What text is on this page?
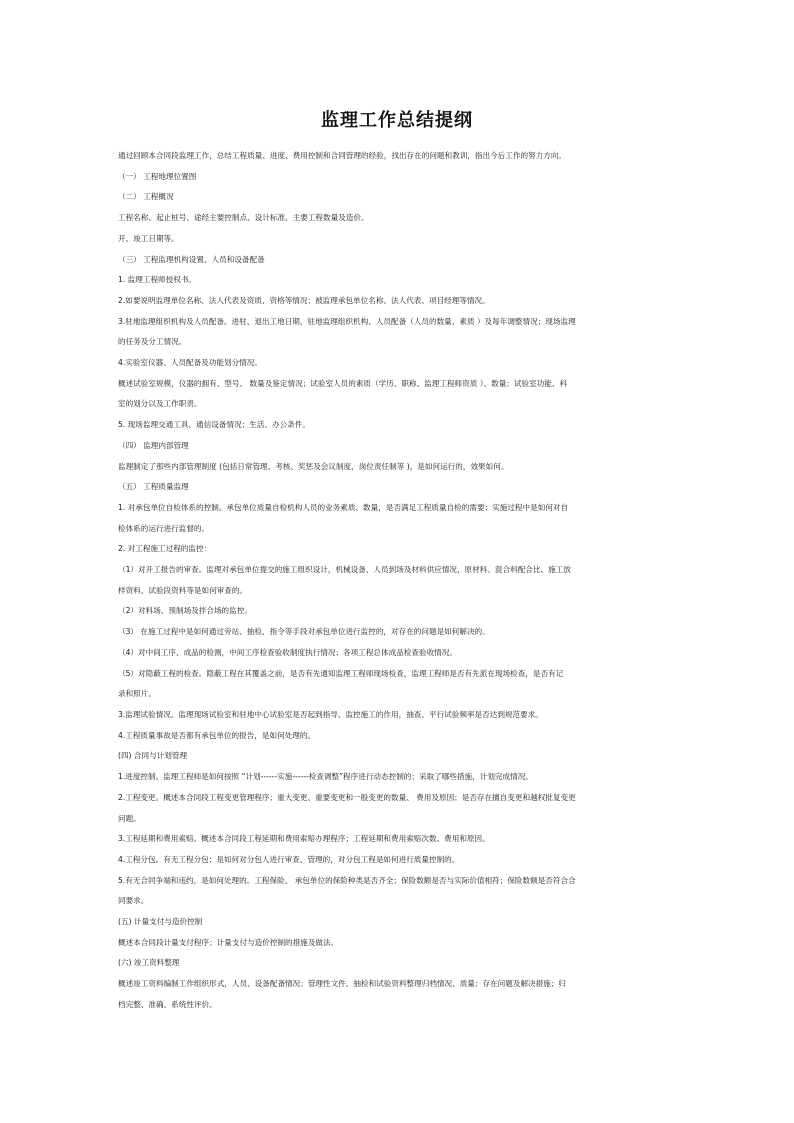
监理工作总结提纲

通过回顾本合同段监理工作，总结工程质量、进度、费用控制和合同管理的经验，找出存在的问题和教训，指出今后工作的努力方向。

（一） 工程地理位置图

（二） 工程概况

工程名称、起止桩号、途经主要控制点、设计标准、主要工程数量及造价。

开、竣工日期等。

（三） 工程监理机构设置、人员和设备配备

1. 监理工程师授权书。

2.如要说明监理单位名称、法人代表及资质、资格等情况；被监理承包单位名称、法人代表、项目经理等情况。

3.驻地监理组织机构及人员配备。进驻、退出工地日期，驻地监理组织机构、人员配备（人员的数量、素质 ）及每年调整情况；现场监理

的任务及分工情况。

4.实验室仪器、人员配备及功能划分情况。

概述试验室规模，仪器的拥有、型号、 数量及鉴定情况；试验室人员的素质（学历、职称、监理工程师资质 ）、数量；试验室功能、科

室的划分以及工作职责。

5. 现场监理交通工具、通信设备情况；生活、办公条件。

（四） 监理内部管理

监理制定了那些内部管理制度 (包括日常管理、考核、奖惩及会议制度，岗位责任制等 )，是如何运行的，效果如何。

（五） 工程质量监理

1. 对承包单位自检体系的控制。承包单位质量自检机构人员的业务素质、数量，是否满足工程质量自检的需要；实施过程中是如何对自

检体系的运行进行监督的。

2. 对工程施工过程的监控：

（1）对开工报告的审查。监理对承包单位提交的施工组织设计，机械设备、人员到场及材料供应情况，原材料、混合料配合比、施工放

样资料、试验段资料等是如何审查的。

（2）对料场、预制场及拌合场的监控。

（3） 在施工过程中是如何通过旁站、抽检、指令等手段对承包单位进行监控的，对存在的问题是如何解决的。

（4）对中间工序、成品的检测，中间工序检查验收制度执行情况；各项工程总体成品检查验收情况。

（5）对隐蔽工程的检查。隐蔽工程在其覆盖之前，是否有先通知监理工程师现场检查，监理工程师是否有先派在现场检查，是否有记

录和照片。

3.监理试验情况。监理现场试验室和驻地中心试验室是否起到指导、监控施工的作用，抽查、平行试验频率是否达到规范要求。

4.工程质量事故是否都有承包单位的报告，是如何处理的。

(四) 合同与计划管理

1.进度控制。监理工程师是如何按照 “计划------实施------检查调整”程序进行动态控制的；采取了哪些措施，计划完成情况。

2.工程变更。概述本合同段工程变更管理程序；重大变更、重要变更和一般变更的数量、 费用及原因；是否存在擅自变更和越权批复变更

问题。

3.工程延期和费用索赔。概述本合同段工程延期和费用索赔办理程序；工程延期和费用索赔次数、费用和原因。

4.工程分包。有无工程分包；是如何对分包人进行审查、管理的，对分包工程是如何进行质量控制的。

5.有无合同争端和违约，是如何处理的。工程保险。 承包单位的保险种类是否齐全；保险数额是否与实际价值相符；保险数额是否符合合

同要求。

(五) 计量支付与造价控制

概述本合同段计量支付程序；计量支付与造价控制的措施及做法。

(六) 竣工资料整理

概述竣工资料编制工作组织形式，人员、设备配备情况；管理性文件、抽检和试验资料整理归档情况、质量；存在问题及解决措施；归

档完整、准确、系统性评价。
